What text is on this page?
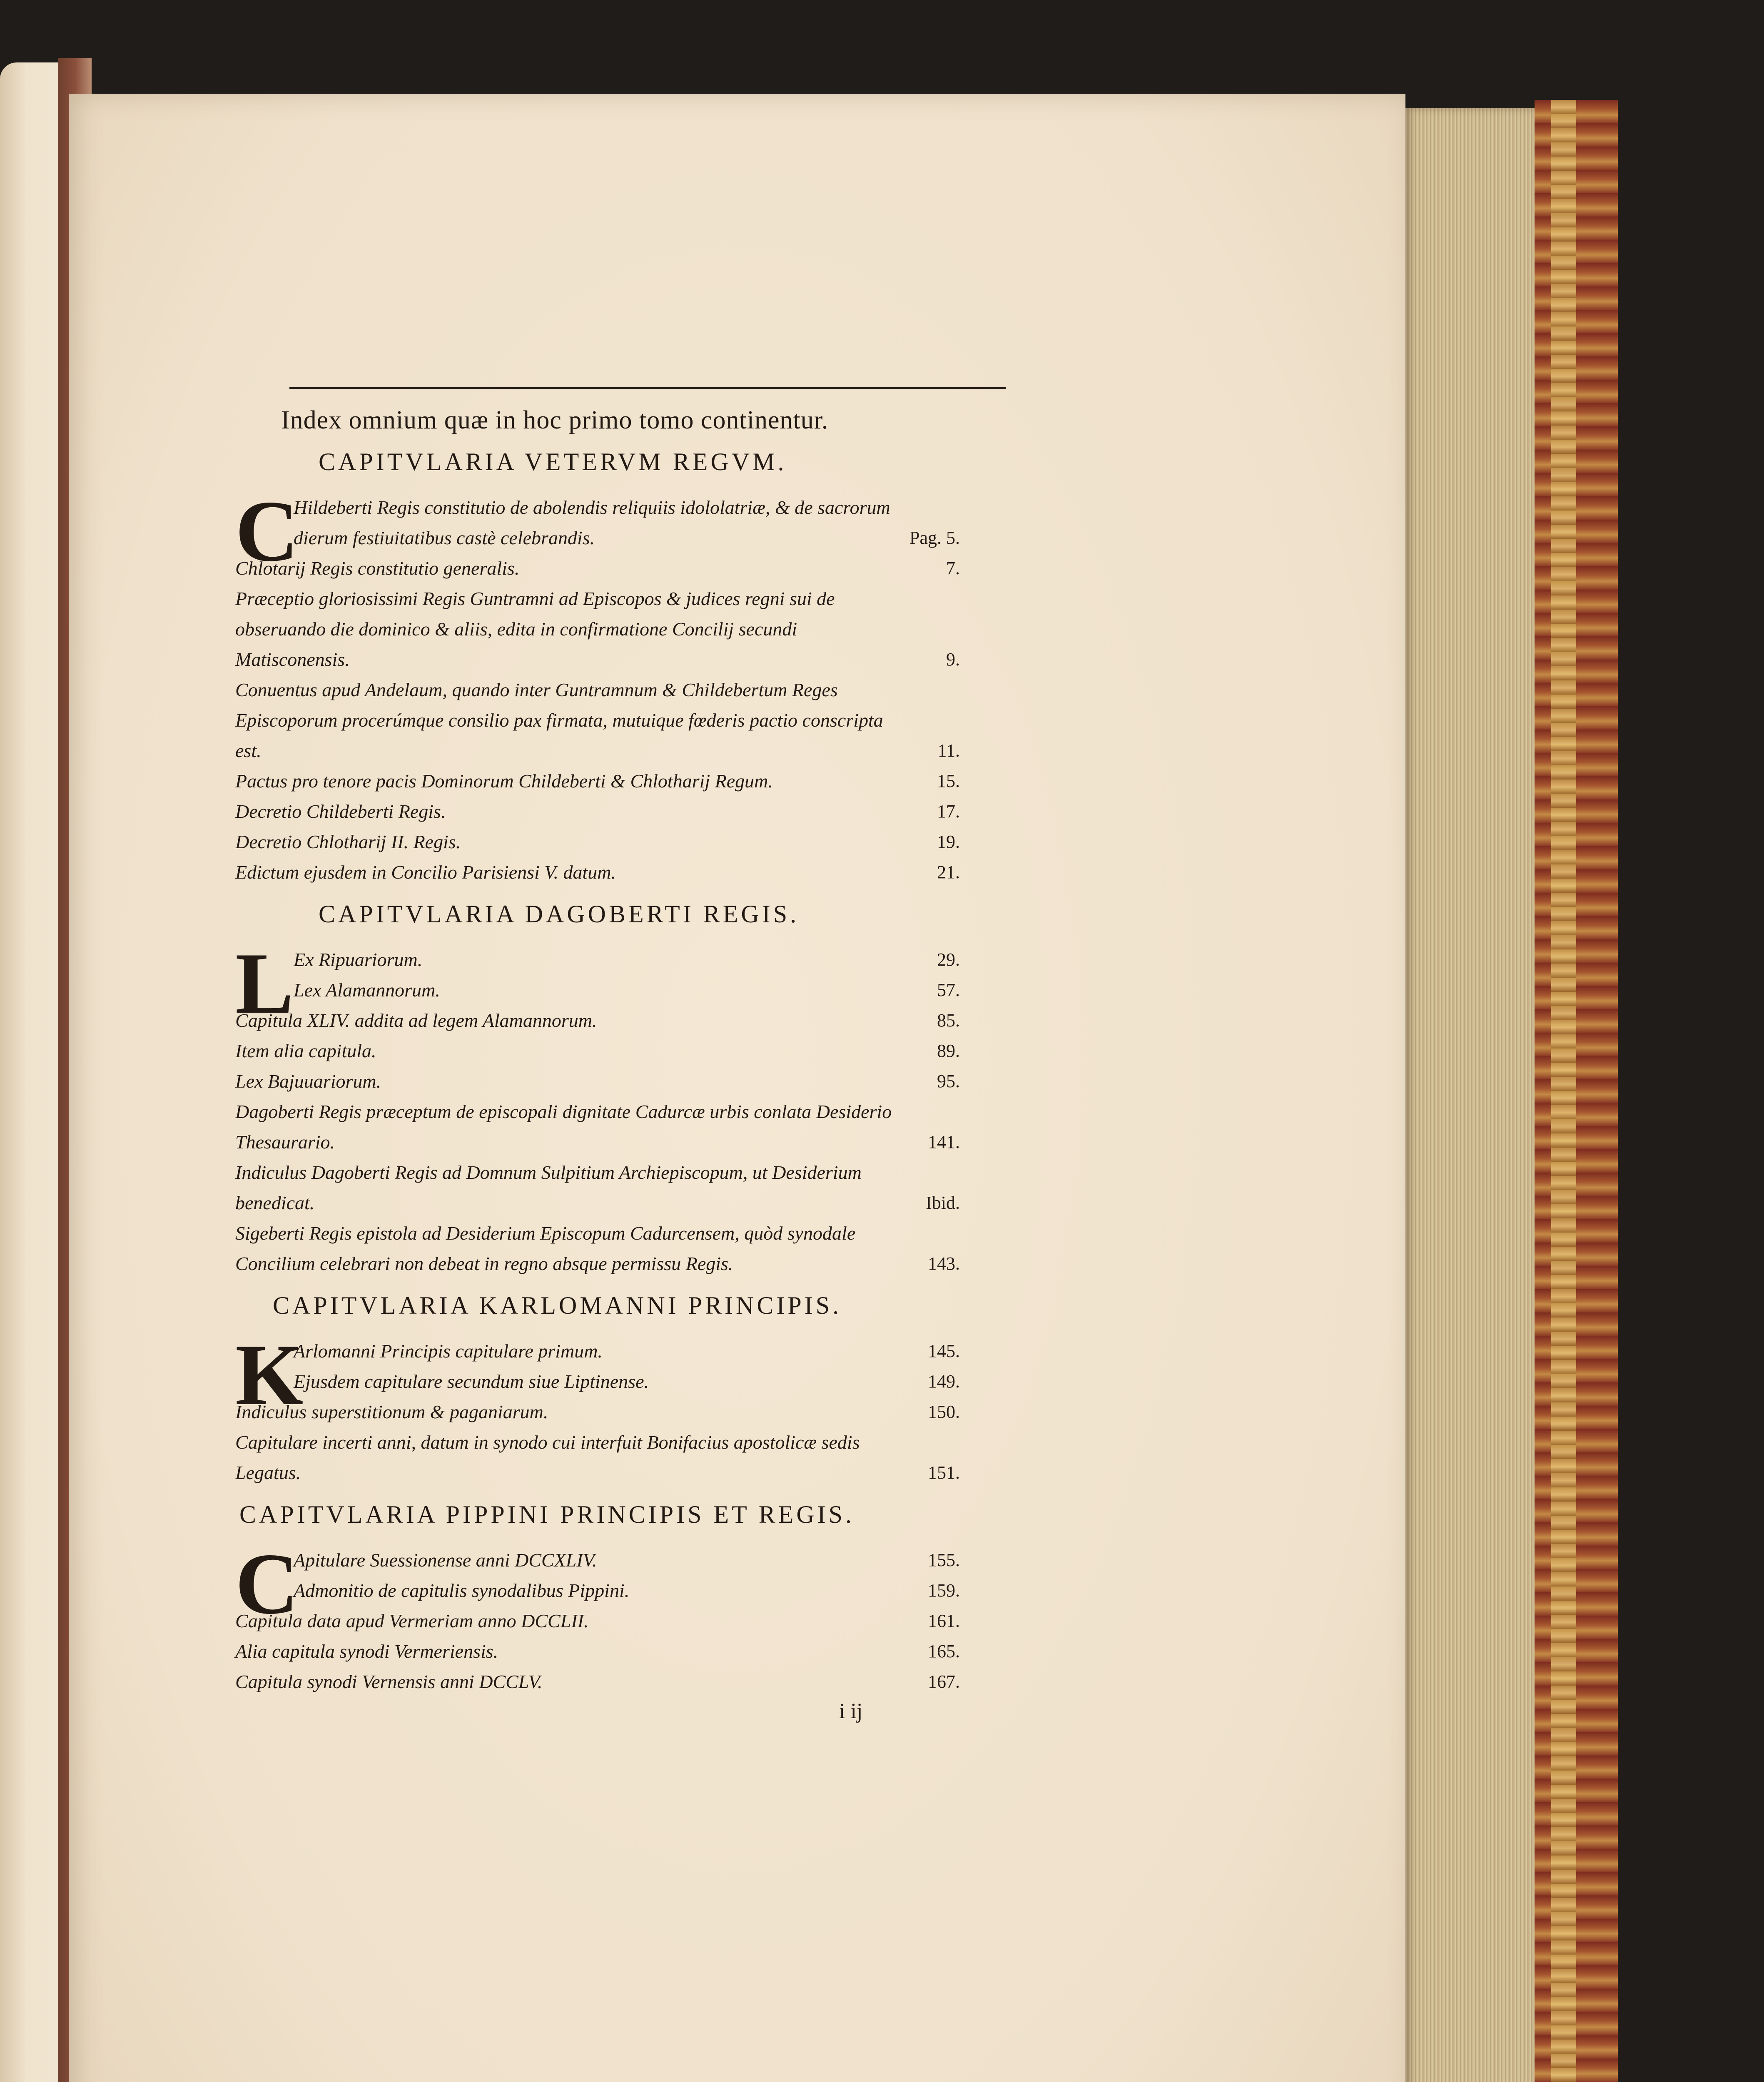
Index omnium quæ in hoc primo tomo continentur.
CAPITVLARIA VETERVM REGVM.
C
Hildeberti Regis constitutio de abolendis reliquiis idololatriæ, & de sacrorum dierum festiuitatibus castè celebrandis.	Pag. 5.
Chlotarij Regis constitutio generalis.	7.
Præceptio gloriosissimi Regis Guntramni ad Episcopos & judices regni sui de obseruando die dominico & aliis, edita in confirmatione Concilij secundi Matisconensis.	9.
Conuentus apud Andelaum, quando inter Guntramnum & Childebertum Reges Episcoporum procerúmque consilio pax firmata, mutuique fœderis pactio conscripta est.	11.
Pactus pro tenore pacis Dominorum Childeberti & Chlotharij Regum.	15.
Decretio Childeberti Regis.	17.
Decretio Chlotharij II. Regis.	19.
Edictum ejusdem in Concilio Parisiensi V. datum.	21.
CAPITVLARIA DAGOBERTI REGIS.
L Ex Ripuariorum.	29.
Lex Alamannorum.	57.
Capitula XLIV. addita ad legem Alamannorum.	85.
Item alia capitula.	89.
Lex Bajuuariorum.	95.
Dagoberti Regis præceptum de episcopali dignitate Cadurcæ urbis conlata Desiderio Thesaurario.	141.
Indiculus Dagoberti Regis ad Domnum Sulpitium Archiepiscopum, ut Desiderium benedicat.	Ibid.
Sigeberti Regis epistola ad Desiderium Episcopum Cadurcensem, quòd synodale Concilium celebrari non debeat in regno absque permissu Regis.	143.
CAPITVLARIA KARLOMANNI PRINCIPIS.
K
Arlomanni Principis capitulare primum.	145.
Ejusdem capitulare secundum siue Liptinense.	149.
Indiculus superstitionum & paganiarum.	150.
Capitulare incerti anni, datum in synodo cui interfuit Bonifacius apostolicæ sedis Legatus.	151.
CAPITVLARIA PIPPINI PRINCIPIS ET REGIS.
C
Apitulare Suessionense anni DCCXLIV.	155.
Admonitio de capitulis synodalibus Pippini.	159.
Capitula data apud Vermeriam anno DCCLII.	161.
Alia capitula synodi Vermeriensis.	165.
Capitula synodi Vernensis anni DCCLV.	167.
i ij
